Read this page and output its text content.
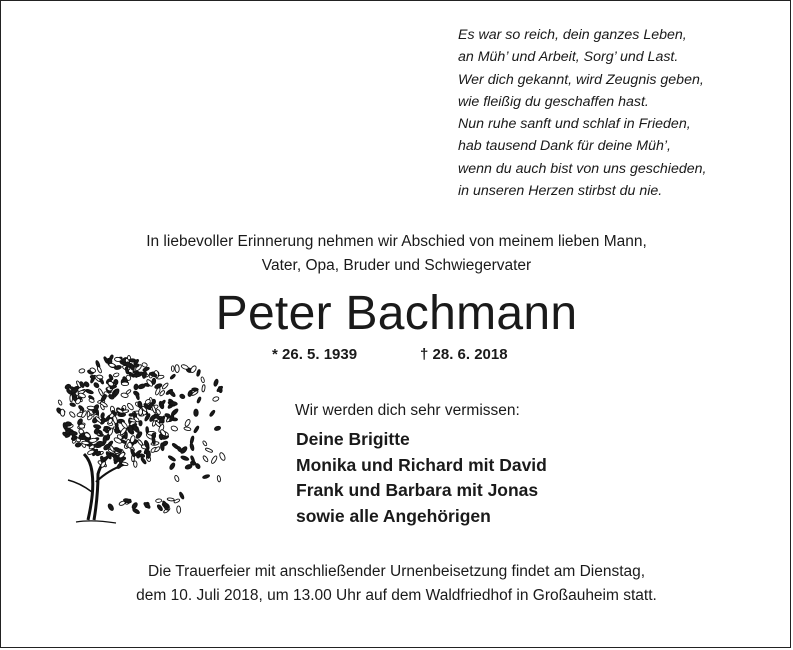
Es war so reich, dein ganzes Leben,
an Müh’ und Arbeit, Sorg’ und Last.
Wer dich gekannt, wird Zeugnis geben,
wie fleißig du geschaffen hast.
Nun ruhe sanft und schlaf in Frieden,
hab tausend Dank für deine Müh’,
wenn du auch bist von uns geschieden,
in unseren Herzen stirbst du nie.
In liebevoller Erinnerung nehmen wir Abschied von meinem lieben Mann,
Vater, Opa, Bruder und Schwiegervater
Peter Bachmann
* 26. 5. 1939	† 28. 6. 2018
Wir werden dich sehr vermissen:
Deine Brigitte
Monika und Richard mit David
Frank und Barbara mit Jonas
sowie alle Angehörigen
Die Trauerfeier mit anschließender Urnenbeisetzung findet am Dienstag,
dem 10. Juli 2018, um 13.00 Uhr auf dem Waldfriedhof in Großauheim statt.
